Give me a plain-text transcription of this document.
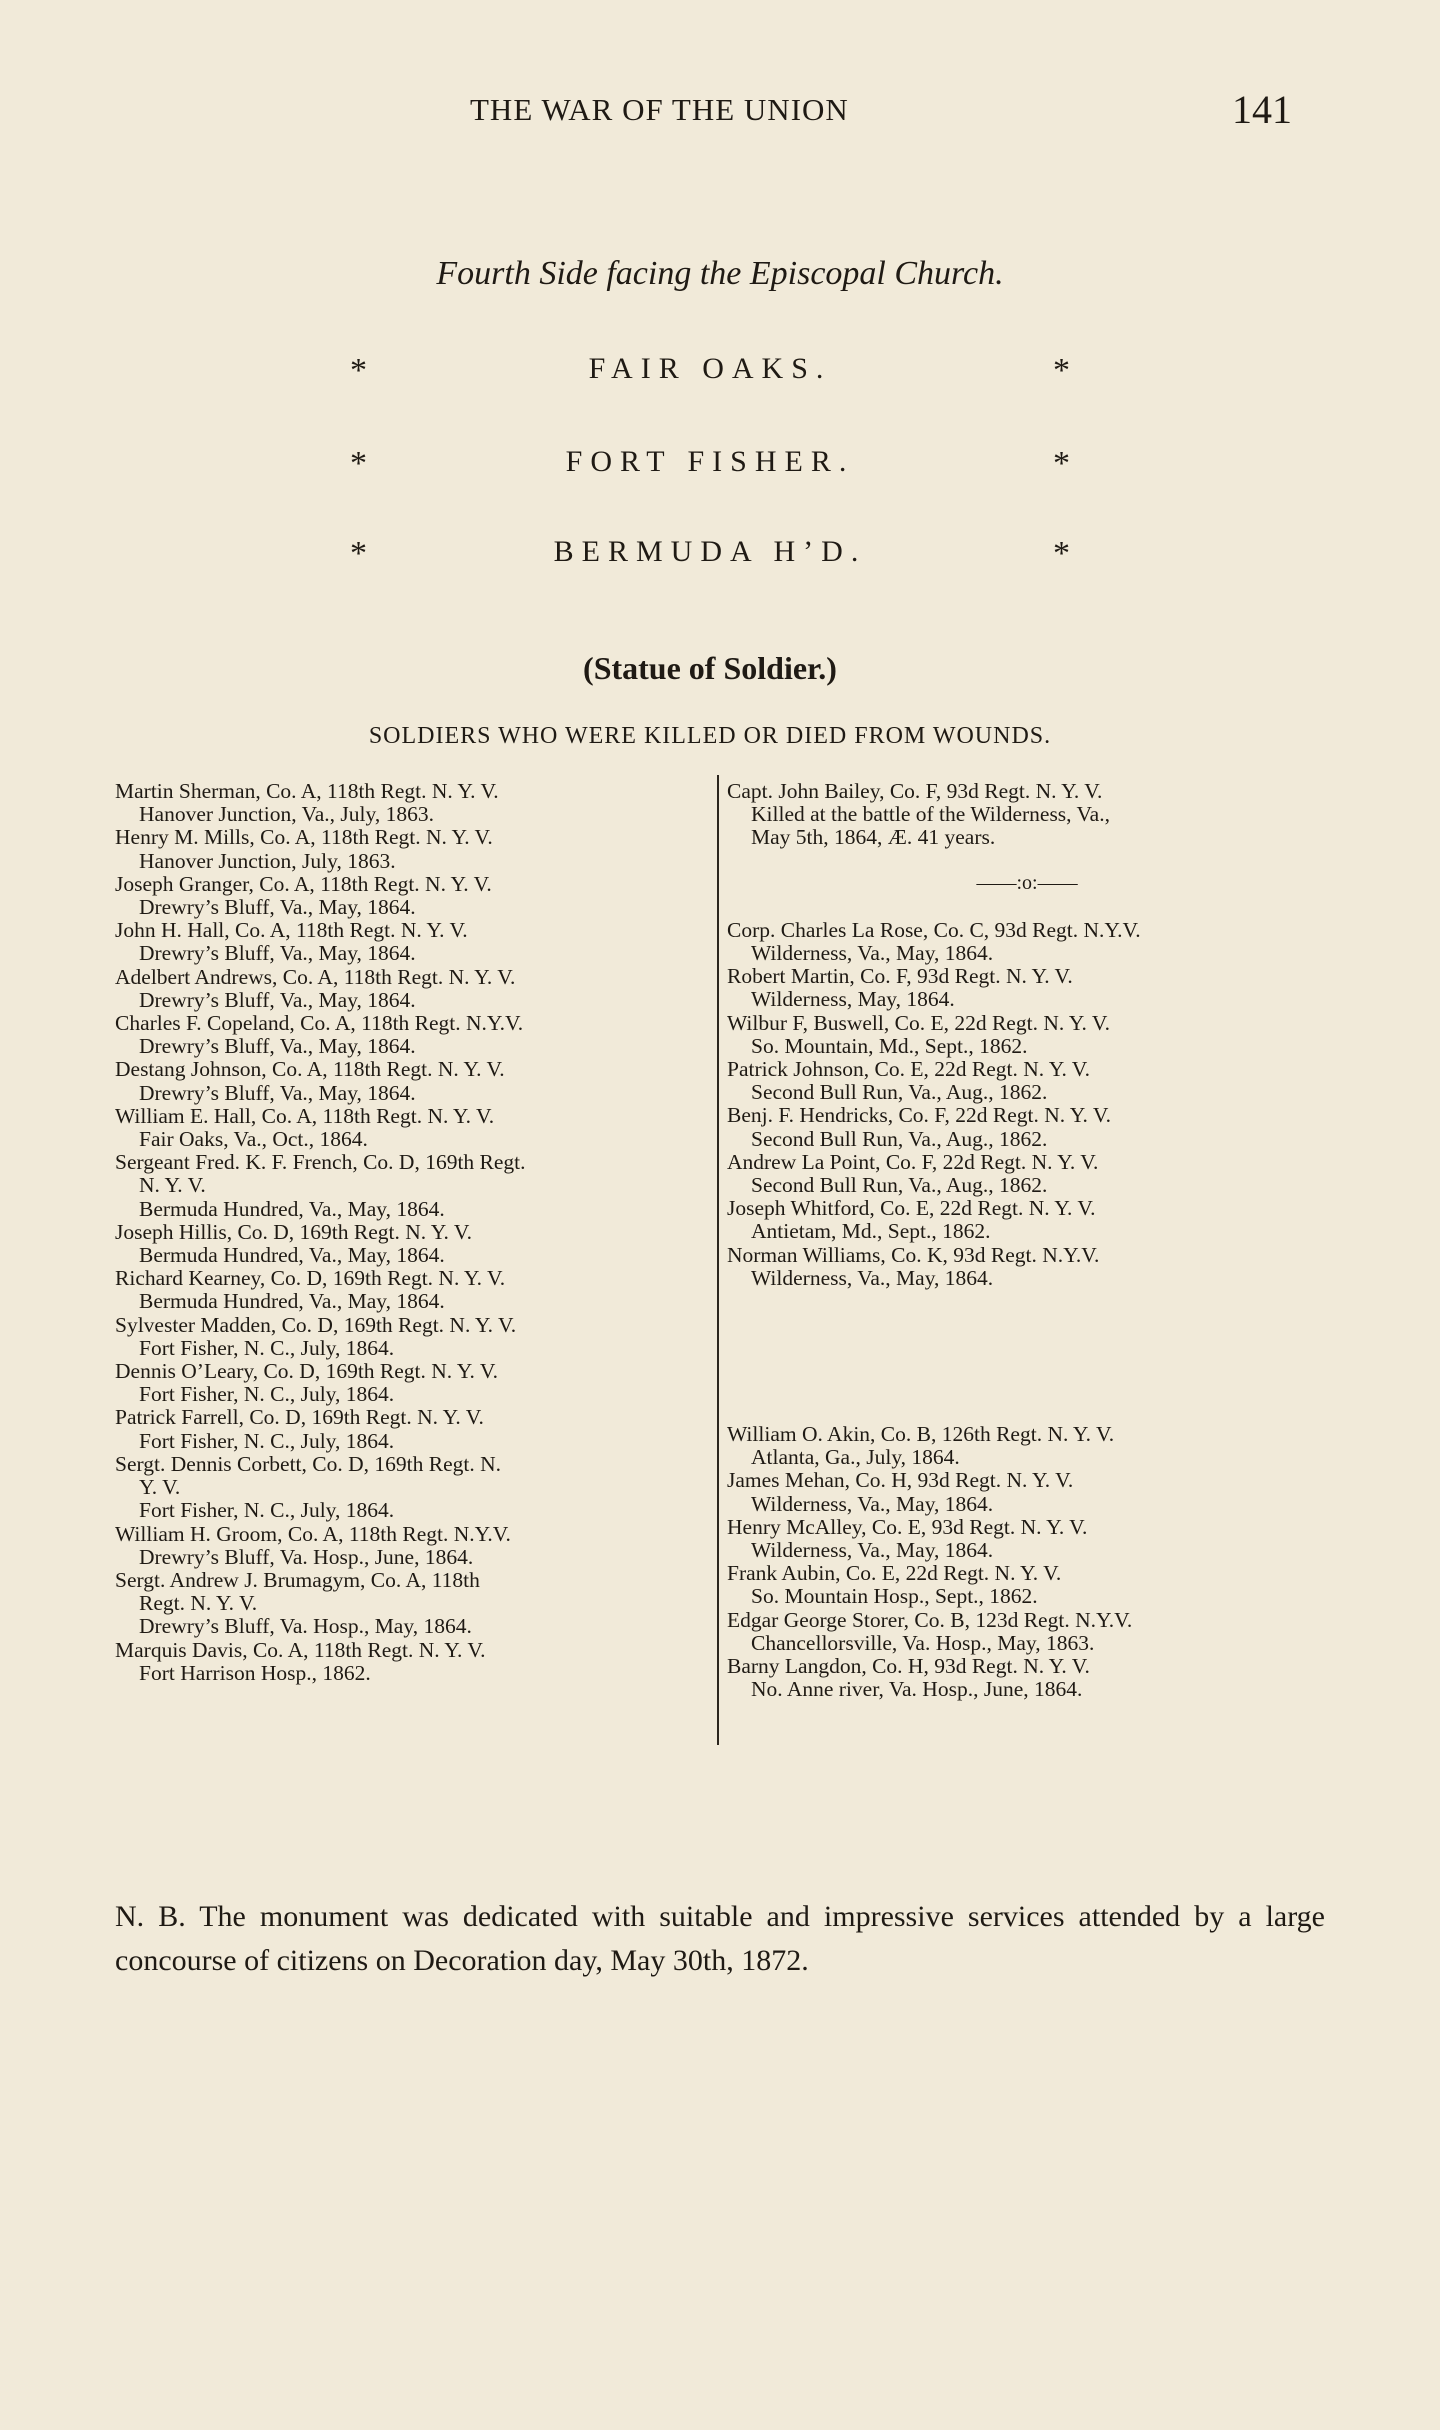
THE WAR OF THE UNION	141
Fourth Side facing the Episcopal Church.
*	FAIR OAKS.	*
*	FORT FISHER.	*
*	BERMUDA H’D.	*
(Statue of Soldier.)
SOLDIERS WHO WERE KILLED OR DIED FROM WOUNDS.
Martin Sherman, Co. A, 118th Regt. N. Y. V.
Hanover Junction, Va., July, 1863.
Henry M. Mills, Co. A, 118th Regt. N. Y. V.
Hanover Junction, July, 1863.
Joseph Granger, Co. A, 118th Regt. N. Y. V.
Drewry’s Bluff, Va., May, 1864.
John H. Hall, Co. A, 118th Regt. N. Y. V.
Drewry’s Bluff, Va., May, 1864.
Adelbert Andrews, Co. A, 118th Regt. N. Y. V.
Drewry’s Bluff, Va., May, 1864.
Charles F. Copeland, Co. A, 118th Regt. N.Y.V.
Drewry’s Bluff, Va., May, 1864.
Destang Johnson, Co. A, 118th Regt. N. Y. V.
Drewry’s Bluff, Va., May, 1864.
William E. Hall, Co. A, 118th Regt. N. Y. V.
Fair Oaks, Va., Oct., 1864.
Sergeant Fred. K. F. French, Co. D, 169th Regt.
N. Y. V.
Bermuda Hundred, Va., May, 1864.
Joseph Hillis, Co. D, 169th Regt. N. Y. V.
Bermuda Hundred, Va., May, 1864.
Richard Kearney, Co. D, 169th Regt. N. Y. V.
Bermuda Hundred, Va., May, 1864.
Sylvester Madden, Co. D, 169th Regt. N. Y. V.
Fort Fisher, N. C., July, 1864.
Dennis O’Leary, Co. D, 169th Regt. N. Y. V.
Fort Fisher, N. C., July, 1864.
Patrick Farrell, Co. D, 169th Regt. N. Y. V.
Fort Fisher, N. C., July, 1864.
Sergt. Dennis Corbett, Co. D, 169th Regt. N.
Y. V.
Fort Fisher, N. C., July, 1864.
William H. Groom, Co. A, 118th Regt. N.Y.V.
Drewry’s Bluff, Va. Hosp., June, 1864.
Sergt. Andrew J. Brumagym, Co. A, 118th
Regt. N. Y. V.
Drewry’s Bluff, Va. Hosp., May, 1864.
Marquis Davis, Co. A, 118th Regt. N. Y. V.
Fort Harrison Hosp., 1862.
Capt. John Bailey, Co. F, 93d Regt. N. Y. V.
Killed at the battle of the Wilderness, Va.,
May 5th, 1864, Æ. 41 years.
——:o:——
Corp. Charles La Rose, Co. C, 93d Regt. N.Y.V.
Wilderness, Va., May, 1864.
Robert Martin, Co. F, 93d Regt. N. Y. V.
Wilderness, May, 1864.
Wilbur F, Buswell, Co. E, 22d Regt. N. Y. V.
So. Mountain, Md., Sept., 1862.
Patrick Johnson, Co. E, 22d Regt. N. Y. V.
Second Bull Run, Va., Aug., 1862.
Benj. F. Hendricks, Co. F, 22d Regt. N. Y. V.
Second Bull Run, Va., Aug., 1862.
Andrew La Point, Co. F, 22d Regt. N. Y. V.
Second Bull Run, Va., Aug., 1862.
Joseph Whitford, Co. E, 22d Regt. N. Y. V.
Antietam, Md., Sept., 1862.
Norman Williams, Co. K, 93d Regt. N.Y.V.
Wilderness, Va., May, 1864.
William O. Akin, Co. B, 126th Regt. N. Y. V.
Atlanta, Ga., July, 1864.
James Mehan, Co. H, 93d Regt. N. Y. V.
Wilderness, Va., May, 1864.
Henry McAlley, Co. E, 93d Regt. N. Y. V.
Wilderness, Va., May, 1864.
Frank Aubin, Co. E, 22d Regt. N. Y. V.
So. Mountain Hosp., Sept., 1862.
Edgar George Storer, Co. B, 123d Regt. N.Y.V.
Chancellorsville, Va. Hosp., May, 1863.
Barny Langdon, Co. H, 93d Regt. N. Y. V.
No. Anne river, Va. Hosp., June, 1864.
N. B. The monument was dedicated with suitable and impressive services attended by a large concourse of citizens on Decoration day, May 30th, 1872.
